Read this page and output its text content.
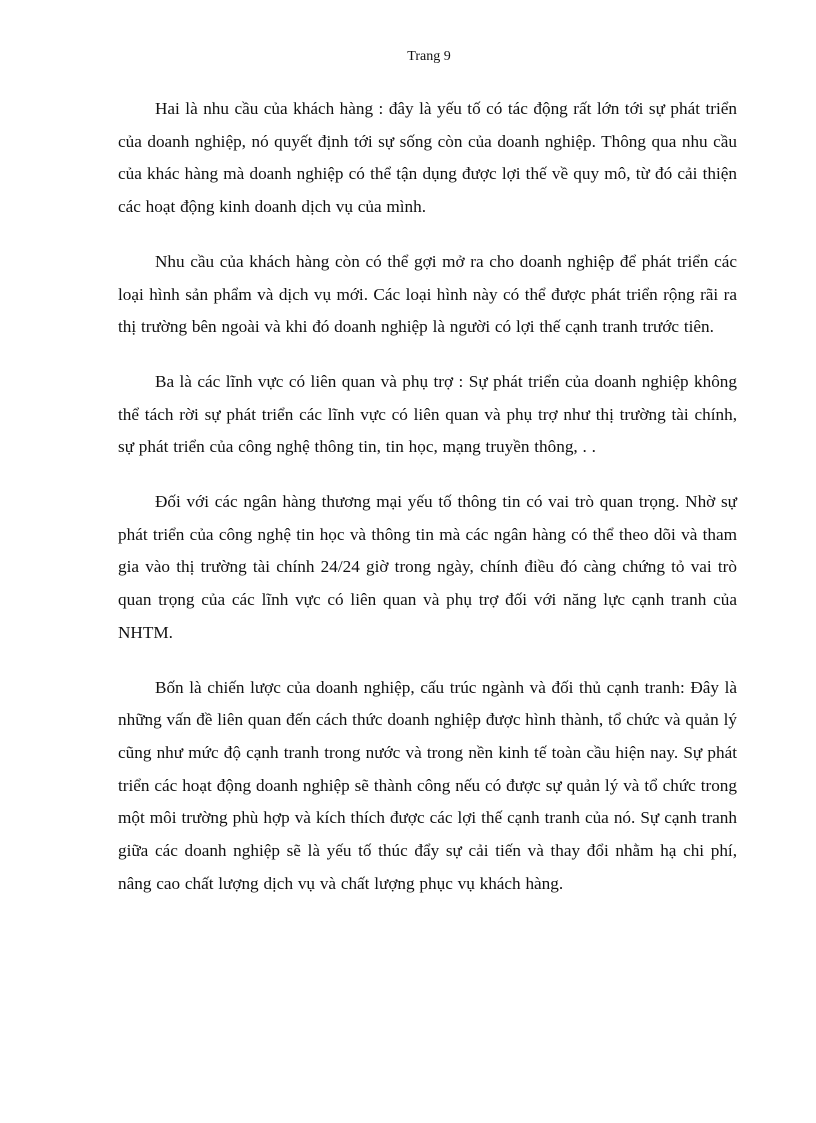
Trang 9

Hai là nhu cầu của khách hàng : đây là yếu tố có tác động rất lớn tới sự phát triển của doanh nghiệp, nó quyết định tới sự sống còn của doanh nghiệp. Thông qua nhu cầu của khác hàng mà doanh nghiệp có thể tận dụng được lợi thế về quy mô, từ đó cải thiện các hoạt động kinh doanh dịch vụ của mình.

Nhu cầu của khách hàng còn có thể gợi mở ra cho doanh nghiệp để phát triển các loại hình sản phẩm và dịch vụ mới. Các loại hình này có thể được phát triển rộng rãi ra thị trường bên ngoài và khi đó doanh nghiệp là người có lợi thế cạnh tranh trước tiên.

Ba là các lĩnh vực có liên quan và phụ trợ : Sự phát triển của doanh nghiệp không thể tách rời sự phát triển các lĩnh vực có liên quan và phụ trợ như thị trường tài chính, sự phát triển của công nghệ thông tin, tin học, mạng truyền thông, . .

Đối với các ngân hàng thương mại yếu tố thông tin có vai trò quan trọng. Nhờ sự phát triển của công nghệ tin học và thông tin mà các ngân hàng có thể theo dõi và tham gia vào thị trường tài chính 24/24 giờ trong ngày, chính điều đó càng chứng tỏ vai trò quan trọng của các lĩnh vực có liên quan và phụ trợ đối với năng lực cạnh tranh của NHTM.

Bốn là chiến lược của doanh nghiệp, cấu trúc ngành và đối thủ cạnh tranh: Đây là những vấn đề liên quan đến cách thức doanh nghiệp được hình thành, tổ chức và quản lý cũng như mức độ cạnh tranh trong nước và trong nền kinh tế toàn cầu hiện nay. Sự phát triển các hoạt động doanh nghiệp sẽ thành công nếu có được sự quản lý và tổ chức trong một môi trường phù hợp và kích thích được các lợi thế cạnh tranh của nó. Sự cạnh tranh giữa các doanh nghiệp sẽ là yếu tố thúc đẩy sự cải tiến và thay đổi nhằm hạ chi phí, nâng cao chất lượng dịch vụ và chất lượng phục vụ khách hàng.
